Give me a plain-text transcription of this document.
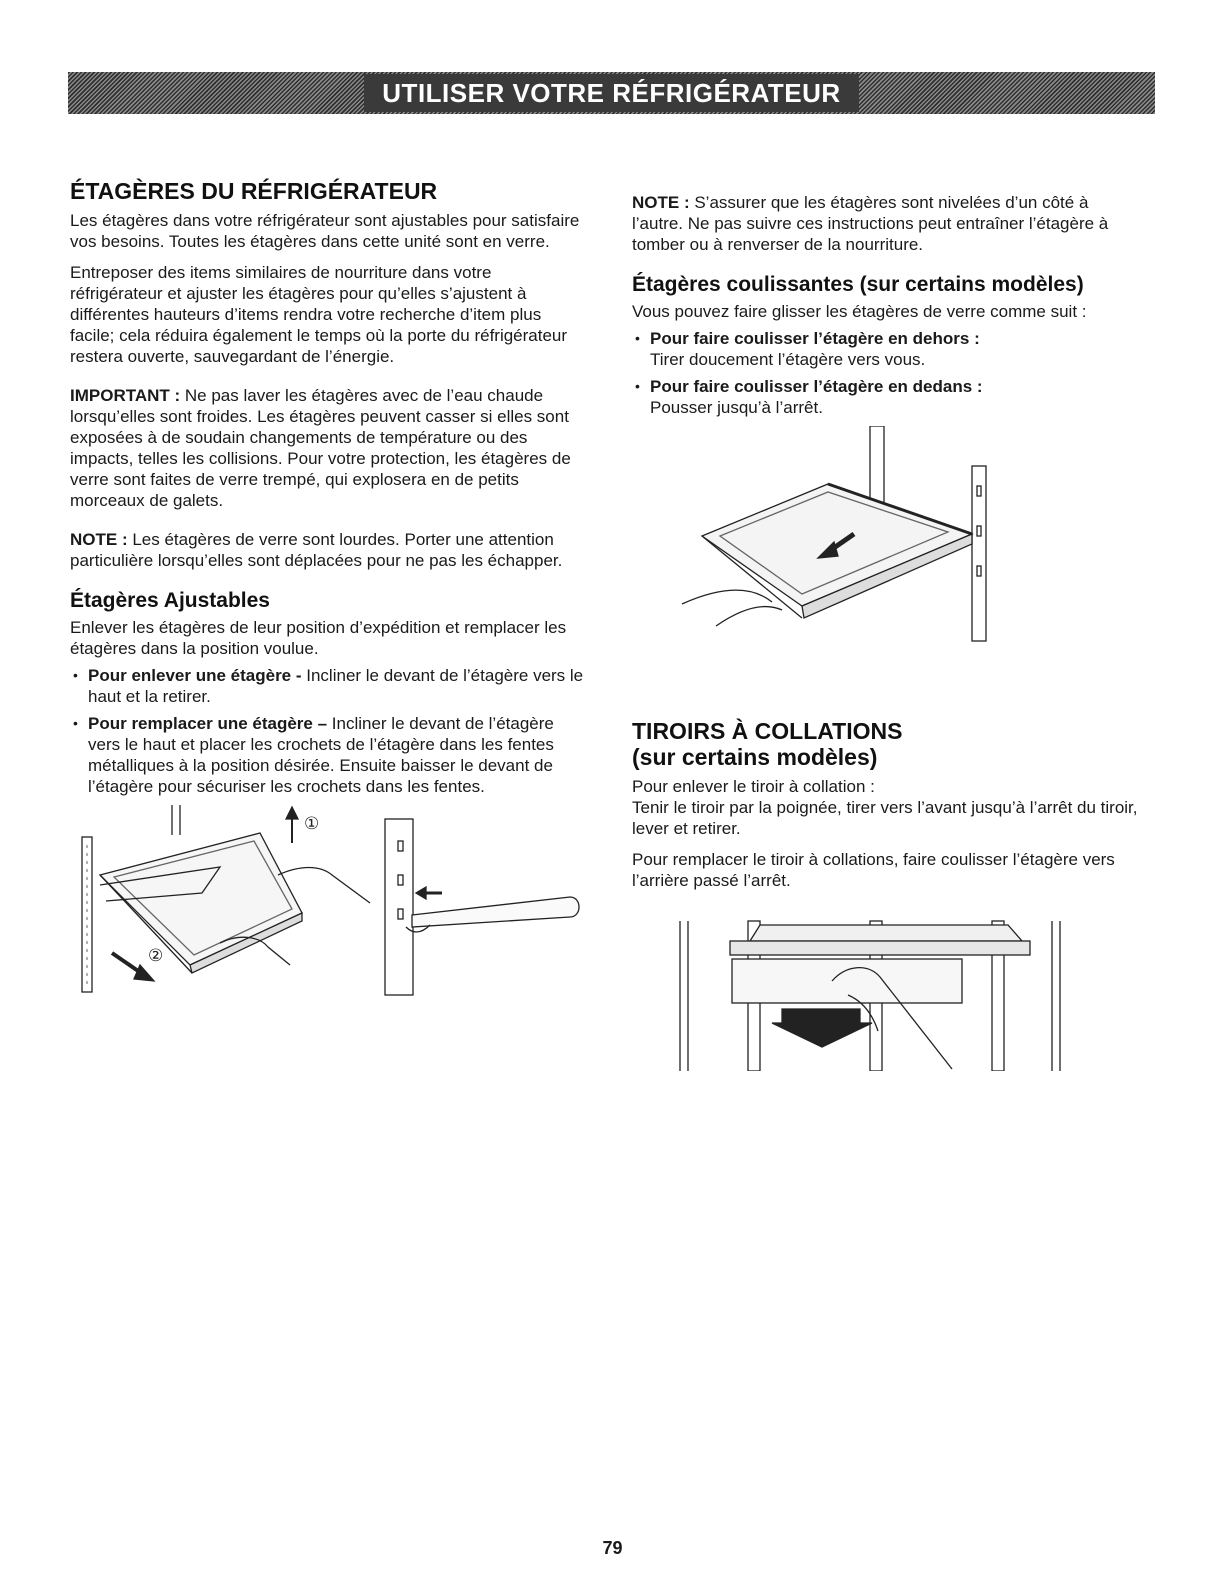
UTILISER VOTRE RÉFRIGÉRATEUR
ÉTAGÈRES DU RÉFRIGÉRATEUR

Les étagères dans votre réfrigérateur sont ajustables pour satisfaire vos besoins. Toutes les étagères dans cette unité sont en verre.

Entreposer des items similaires de nourriture dans votre réfrigérateur et ajuster les étagères pour qu’elles s’ajustent à différentes hauteurs d’items rendra votre recherche d’item plus facile; cela réduira également le temps où la porte du réfrigérateur restera ouverte, sauvegardant de l’énergie.

IMPORTANT : Ne pas laver les étagères avec de l’eau chaude lorsqu’elles sont froides. Les étagères peuvent casser si elles sont exposées à de soudain changements de température ou des impacts, telles les collisions. Pour votre protection, les étagères de verre sont faites de verre trempé, qui explosera en de petits morceaux de galets.

NOTE : Les étagères de verre sont lourdes. Porter une attention particulière lorsqu’elles sont déplacées pour ne pas les échapper.

Étagères Ajustables

Enlever les étagères de leur position d’expédition et remplacer les étagères dans la position voulue.

• Pour enlever une étagère - Incliner le devant de l’étagère vers le haut et la retirer.
• Pour remplacer une étagère – Incliner le devant de l’étagère vers le haut et placer les crochets de l’étagère dans les fentes métalliques à la position désirée. Ensuite baisser le devant de l’étagère pour sécuriser les crochets dans les fentes.
①
②

NOTE : S’assurer que les étagères sont nivelées d’un côté à l’autre. Ne pas suivre ces instructions peut entraîner l’étagère à tomber ou à renverser de la nourriture.

Étagères coulissantes (sur certains modèles)

Vous pouvez faire glisser les étagères de verre comme suit :

• Pour faire coulisser l’étagère en dehors :
Tirer doucement l’étagère vers vous.
• Pour faire coulisser l’étagère en dedans :
Pousser jusqu’à l’arrêt.
TIROIRS À COLLATIONS
(sur certains modèles)

Pour enlever le tiroir à collation :

Tenir le tiroir par la poignée, tirer vers l’avant jusqu’à l’arrêt du tiroir, lever et retirer.

Pour remplacer le tiroir à collations, faire coulisser l’étagère vers l’arrière passé l’arrêt.

79
